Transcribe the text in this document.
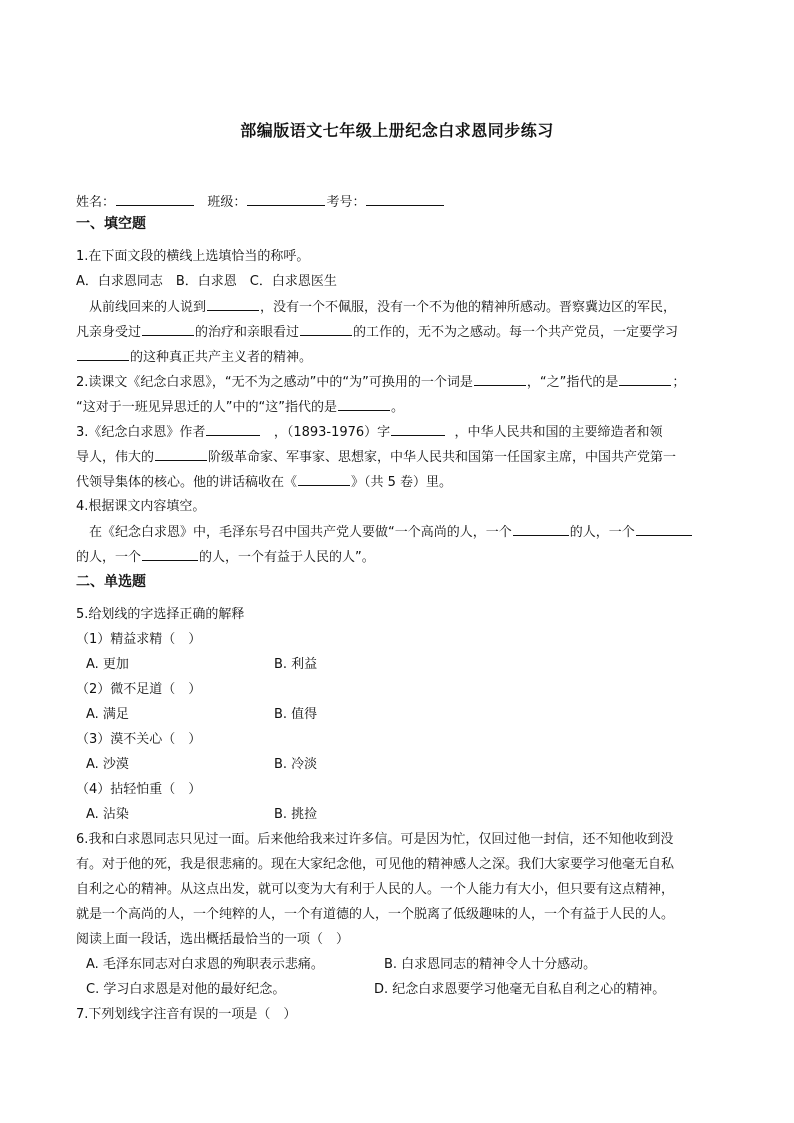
部编版语文七年级上册纪念白求恩同步练习
姓名：	班级：	考号：
一、填空题
1.在下面文段的横线上选填恰当的称呼。
A．白求恩同志　B．白求恩　C．白求恩医生
　从前线回来的人说到	，没有一个不佩服，没有一个不为他的精神所感动。晋察冀边区的军民，
凡亲身受过	的治疗和亲眼看过	的工作的，无不为之感动。每一个共产党员，一定要学习
的这种真正共产主义者的精神。
2.读课文《纪念白求恩》，“无不为之感动”中的“为”可换用的一个词是	，“之”指代的是	；
“这对于一班见异思迁的人”中的“这”指代的是	。
3.《纪念白求恩》作者	，（1893-1976）字	，中华人民共和国的主要缔造者和领
导人，伟大的	阶级革命家、军事家、思想家，中华人民共和国第一任国家主席，中国共产党第一
代领导集体的核心。他的讲话稿收在《	》（共 5 卷）里。
4.根据课文内容填空。
　在《纪念白求恩》中，毛泽东号召中国共产党人要做“一个高尚的人，一个	的人，一个
的人，一个	的人，一个有益于人民的人”。
二、单选题
5.给划线的字选择正确的解释
（1）精益求精（　）
A. 更加	B. 利益
（2）微不足道（　）
A. 满足	B. 值得
（3）漠不关心（　）
A. 沙漠	B. 冷淡
（4）拈轻怕重（　）
A. 沾染	B. 挑捡
6.我和白求恩同志只见过一面。后来他给我来过许多信。可是因为忙，仅回过他一封信，还不知他收到没
有。对于他的死，我是很悲痛的。现在大家纪念他，可见他的精神感人之深。我们大家要学习他毫无自私
自利之心的精神。从这点出发，就可以变为大有利于人民的人。一个人能力有大小，但只要有这点精神，
就是一个高尚的人，一个纯粹的人，一个有道德的人，一个脱离了低级趣味的人，一个有益于人民的人。
阅读上面一段话，选出概括最恰当的一项（　）
A. 毛泽东同志对白求恩的殉职表示悲痛。	B. 白求恩同志的精神令人十分感动。
C. 学习白求恩是对他的最好纪念。	D. 纪念白求恩要学习他毫无自私自利之心的精神。
7.下列划线字注音有误的一项是（　）
